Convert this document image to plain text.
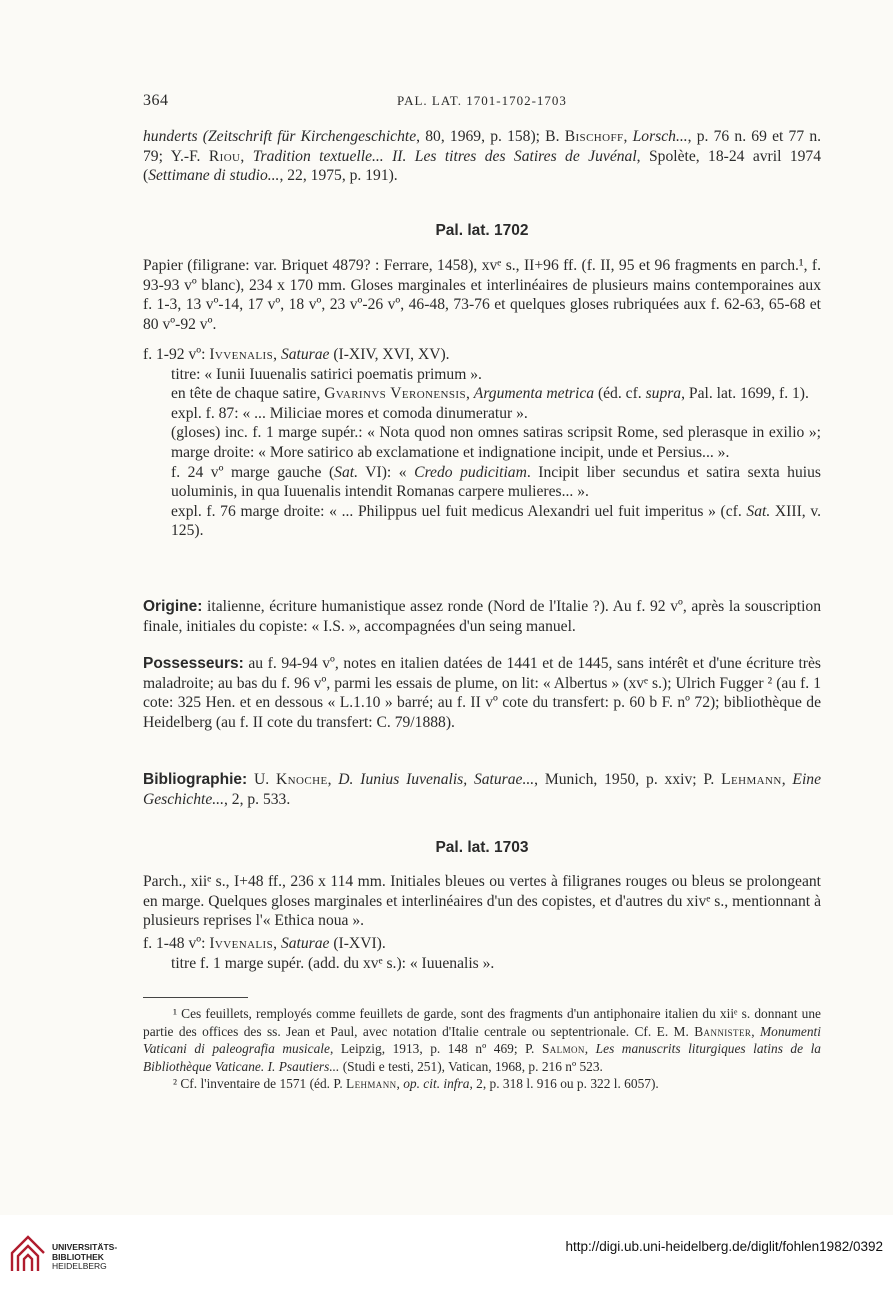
364	PAL. LAT. 1701-1702-1703

hunderts (Zeitschrift für Kirchengeschichte, 80, 1969, p. 158); B. Bischoff, Lorsch..., p. 76 n. 69 et 77 n. 79; Y.-F. Riou, Tradition textuelle... II. Les titres des Satires de Juvénal, Spolète, 18-24 avril 1974 (Settimane di studio..., 22, 1975, p. 191).

Pal. lat. 1702

Papier (filigrane: var. Briquet 4879? : Ferrare, 1458), xvᵉ s., II+96 ff. (f. II, 95 et 96 fragments en parch.¹, f. 93-93 vº blanc), 234 x 170 mm. Gloses marginales et interlinéaires de plusieurs mains contemporaines aux f. 1-3, 13 vº-14, 17 vº, 18 vº, 23 vº-26 vº, 46-48, 73-76 et quelques gloses rubriquées aux f. 62-63, 65-68 et 80 vº-92 vº.

f. 1-92 vº: Ivvenalis, Saturae (I-XIV, XVI, XV).

titre: « Iunii Iuuenalis satirici poematis primum ».

en tête de chaque satire, Gvarinvs Veronensis, Argumenta metrica (éd. cf. supra, Pal. lat. 1699, f. 1).

expl. f. 87: « ... Miliciae mores et comoda dinumeratur ».

(gloses) inc. f. 1 marge supér.: « Nota quod non omnes satiras scripsit Rome, sed plerasque in exilio »; marge droite: « More satirico ab exclamatione et indignatione incipit, unde et Persius... ».

f. 24 vº marge gauche (Sat. VI): « Credo pudicitiam. Incipit liber secundus et satira sexta huius uoluminis, in qua Iuuenalis intendit Romanas carpere mulieres... ».

expl. f. 76 marge droite: « ... Philippus uel fuit medicus Alexandri uel fuit imperitus » (cf. Sat. XIII, v. 125).

Origine: italienne, écriture humanistique assez ronde (Nord de l'Italie ?). Au f. 92 vº, après la souscription finale, initiales du copiste: « I.S. », accompagnées d'un seing manuel.

Possesseurs: au f. 94-94 vº, notes en italien datées de 1441 et de 1445, sans intérêt et d'une écriture très maladroite; au bas du f. 96 vº, parmi les essais de plume, on lit: « Albertus » (xvᵉ s.); Ulrich Fugger ² (au f. 1 cote: 325 Hen. et en dessous « L.1.10 » barré; au f. II vº cote du transfert: p. 60 b F. nº 72); bibliothèque de Heidelberg (au f. II cote du transfert: C. 79/1888).

Bibliographie: U. Knoche, D. Iunius Iuvenalis, Saturae..., Munich, 1950, p. xxiv; P. Lehmann, Eine Geschichte..., 2, p. 533.

Pal. lat. 1703

Parch., xiiᵉ s., I+48 ff., 236 x 114 mm. Initiales bleues ou vertes à filigranes rouges ou bleus se prolongeant en marge. Quelques gloses marginales et interlinéaires d'un des copistes, et d'autres du xivᵉ s., mentionnant à plusieurs reprises l'« Ethica noua ».

f. 1-48 vº: Ivvenalis, Saturae (I-XVI).

titre f. 1 marge supér. (add. du xvᵉ s.): « Iuuenalis ».

¹ Ces feuillets, remployés comme feuillets de garde, sont des fragments d'un antiphonaire italien du xiiᵉ s. donnant une partie des offices des ss. Jean et Paul, avec notation d'Italie centrale ou septentrionale. Cf. E. M. Bannister, Monumenti Vaticani di paleografia musicale, Leipzig, 1913, p. 148 nº 469; P. Salmon, Les manuscrits liturgiques latins de la Bibliothèque Vaticane. I. Psautiers... (Studi e testi, 251), Vatican, 1968, p. 216 nº 523.

² Cf. l'inventaire de 1571 (éd. P. Lehmann, op. cit. infra, 2, p. 318 l. 916 ou p. 322 l. 6057).

UNIVERSITÄTS-
BIBLIOTHEK
HEIDELBERG
http://digi.ub.uni-heidelberg.de/diglit/fohlen1982/0392
